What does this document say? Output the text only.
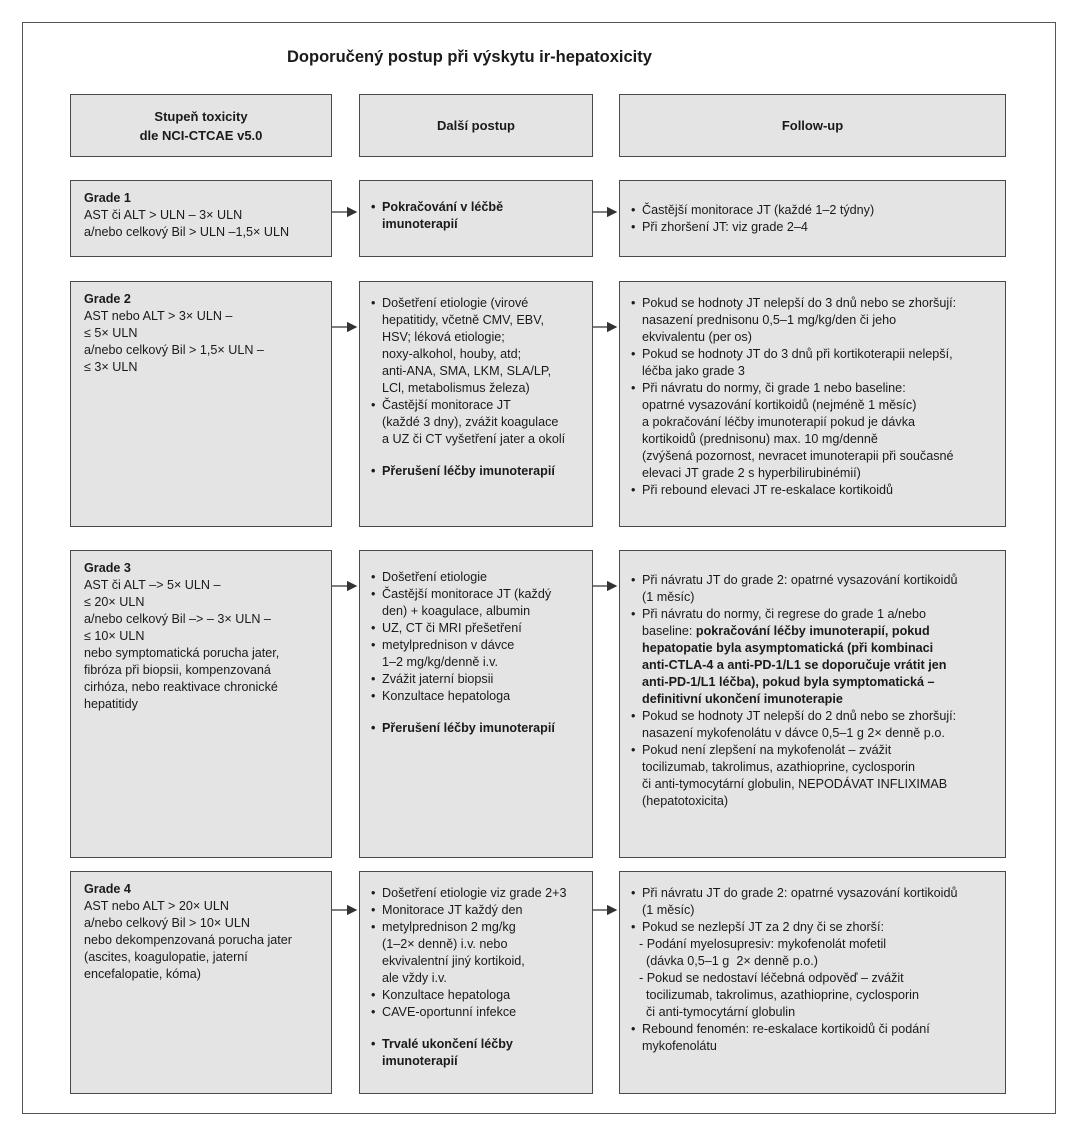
Doporučený postup při výskytu ir-hepatoxicity
Stupeň toxicity
dle NCI-CTCAE v5.0
Další postup	Follow-up
Grade 1
AST či ALT > ULN – 3× ULN
a/nebo celkový Bil > ULN –1,5× ULN
• Pokračování v léčbě
imunoterapií
• Častější monitorace JT (každé 1–2 týdny)
• Při zhoršení JT: viz grade 2–4
Grade 2
AST nebo ALT > 3× ULN –
≤ 5× ULN
a/nebo celkový Bil > 1,5× ULN –
≤ 3× ULN
• Došetření etiologie (virové
hepatitidy, včetně CMV, EBV,
HSV; léková etiologie;
noxy-alkohol, houby, atd;
anti-ANA, SMA, LKM, SLA/LP,
LCl, metabolismus železa)
• Častější monitorace JT
(každé 3 dny), zvážit koagulace
a UZ či CT vyšetření jater a okolí
• Přerušení léčby imunoterapií
• Pokud se hodnoty JT nelepší do 3 dnů nebo se zhoršují:
nasazení prednisonu 0,5–1 mg/kg/den či jeho
ekvivalentu (per os)
• Pokud se hodnoty JT do 3 dnů při kortikoterapii nelepší,
léčba jako grade 3
• Při návratu do normy, či grade 1 nebo baseline:
opatrné vysazování kortikoidů (nejméně 1 měsíc)
a pokračování léčby imunoterapií pokud je dávka
kortikoidů (prednisonu) max. 10 mg/denně
(zvýšená pozornost, nevracet imunoterapii při současné
elevaci JT grade 2 s hyperbilirubinémií)
• Při rebound elevaci JT re-eskalace kortikoidů
Grade 3
AST či ALT –> 5× ULN –
≤ 20× ULN
a/nebo celkový Bil –> – 3× ULN –
≤ 10× ULN
nebo symptomatická porucha jater,
fibróza při biopsii, kompenzovaná
cirhóza, nebo reaktivace chronické
hepatitidy
• Došetření etiologie
• Častější monitorace JT (každý
den) + koagulace, albumin
• UZ, CT či MRI přešetření
• metylprednison v dávce
1–2 mg/kg/denně i.v.
• Zvážit jaterní biopsii
• Konzultace hepatologa
• Přerušení léčby imunoterapií
• Při návratu JT do grade 2: opatrné vysazování kortikoidů
(1 měsíc)
• Při návratu do normy, či regrese do grade 1 a/nebo
baseline: pokračování léčby imunoterapií, pokud
hepatopatie byla asymptomatická (při kombinaci
anti-CTLA-4 a anti-PD-1/L1 se doporučuje vrátit jen
anti-PD-1/L1 léčba), pokud byla symptomatická –
definitivní ukončení imunoterapie
• Pokud se hodnoty JT nelepší do 2 dnů nebo se zhoršují:
nasazení mykofenolátu v dávce 0,5–1 g 2× denně p.o.
• Pokud není zlepšení na mykofenolát – zvážit
tocilizumab, takrolimus, azathioprine, cyclosporin
či anti-tymocytární globulin, NEPODÁVAT INFLIXIMAB
(hepatotoxicita)
Grade 4
AST nebo ALT > 20× ULN
a/nebo celkový Bil > 10× ULN
nebo dekompenzovaná porucha jater
(ascites, koagulopatie, jaterní
encefalopatie, kóma)
• Došetření etiologie viz grade 2+3
• Monitorace JT každý den
• metylprednison 2 mg/kg
(1–2× denně) i.v. nebo
ekvivalentní jiný kortikoid,
ale vždy i.v.
• Konzultace hepatologa
• CAVE-oportunní infekce
• Trvalé ukončení léčby
imunoterapií
• Při návratu JT do grade 2: opatrné vysazování kortikoidů
(1 měsíc)
• Pokud se nezlepší JT za 2 dny či se zhorší:
- Podání myelosupresiv: mykofenolát mofetil
(dávka 0,5–1 g  2× denně p.o.)
- Pokud se nedostaví léčebná odpověď – zvážit
tocilizumab, takrolimus, azathioprine, cyclosporin
či anti-tymocytární globulin
• Rebound fenomén: re-eskalace kortikoidů či podání
mykofenolátu
